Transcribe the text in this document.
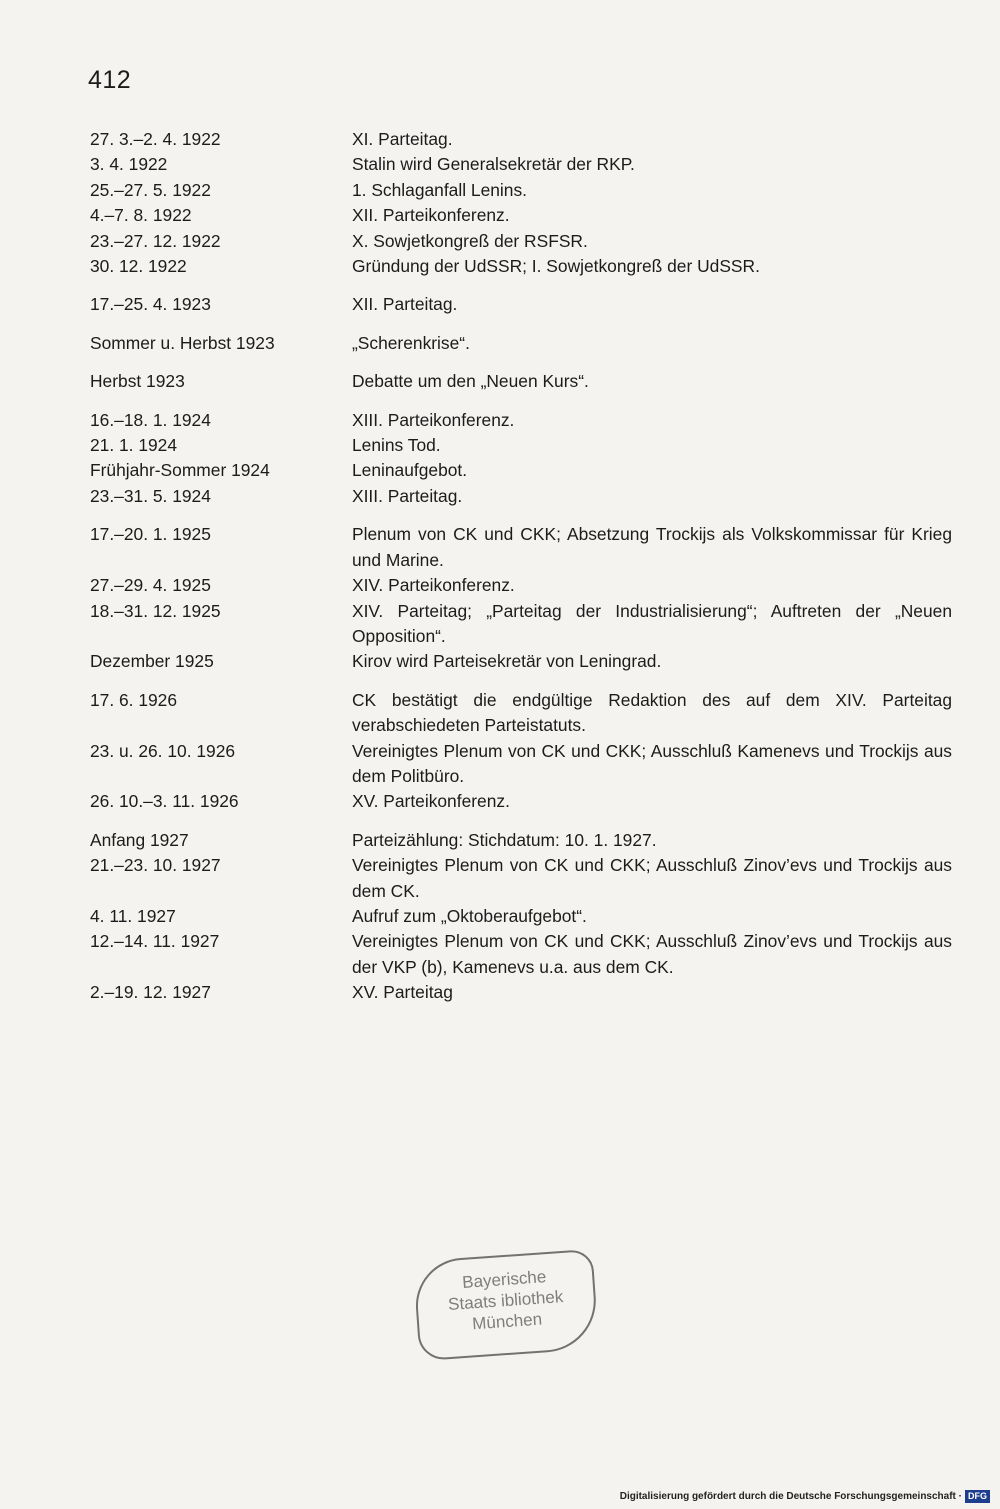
412
27. 3.–2. 4. 1922	XI. Parteitag.
3. 4. 1922	Stalin wird Generalsekretär der RKP.
25.–27. 5. 1922	1. Schlaganfall Lenins.
4.–7. 8. 1922	XII. Parteikonferenz.
23.–27. 12. 1922	X. Sowjetkongreß der RSFSR.
30. 12. 1922	Gründung der UdSSR; I. Sowjetkongreß der UdSSR.
17.–25. 4. 1923	XII. Parteitag.
Sommer u. Herbst 1923	„Scherenkrise“.
Herbst 1923	Debatte um den „Neuen Kurs“.
16.–18. 1. 1924	XIII. Parteikonferenz.
21. 1. 1924	Lenins Tod.
Frühjahr-Sommer 1924	Leninaufgebot.
23.–31. 5. 1924	XIII. Parteitag.
17.–20. 1. 1925	Plenum von CK und CKK; Absetzung Trockijs als Volkskommissar für Krieg und Marine.
27.–29. 4. 1925	XIV. Parteikonferenz.
18.–31. 12. 1925	XIV. Parteitag; „Parteitag der Industrialisierung“; Auftreten der „Neuen Opposition“.
Dezember 1925	Kirov wird Parteisekretär von Leningrad.
17. 6. 1926	CK bestätigt die endgültige Redaktion des auf dem XIV. Parteitag verabschiedeten Parteistatuts.
23. u. 26. 10. 1926	Vereinigtes Plenum von CK und CKK; Ausschluß Kamenevs und Trockijs aus dem Politbüro.
26. 10.–3. 11. 1926	XV. Parteikonferenz.
Anfang 1927	Parteizählung: Stichdatum: 10. 1. 1927.
21.–23. 10. 1927	Vereinigtes Plenum von CK und CKK; Ausschluß Zinov’evs und Trockijs aus dem CK.
4. 11. 1927	Aufruf zum „Oktoberaufgebot“.
12.–14. 11. 1927	Vereinigtes Plenum von CK und CKK; Ausschluß Zinov’evs und Trockijs aus der VKP (b), Kamenevs u.a. aus dem CK.
2.–19. 12. 1927	XV. Parteitag
Bayerische
Staats ibliothek
München
Digitalisierung gefördert durch die Deutsche Forschungsgemeinschaft · DFG
